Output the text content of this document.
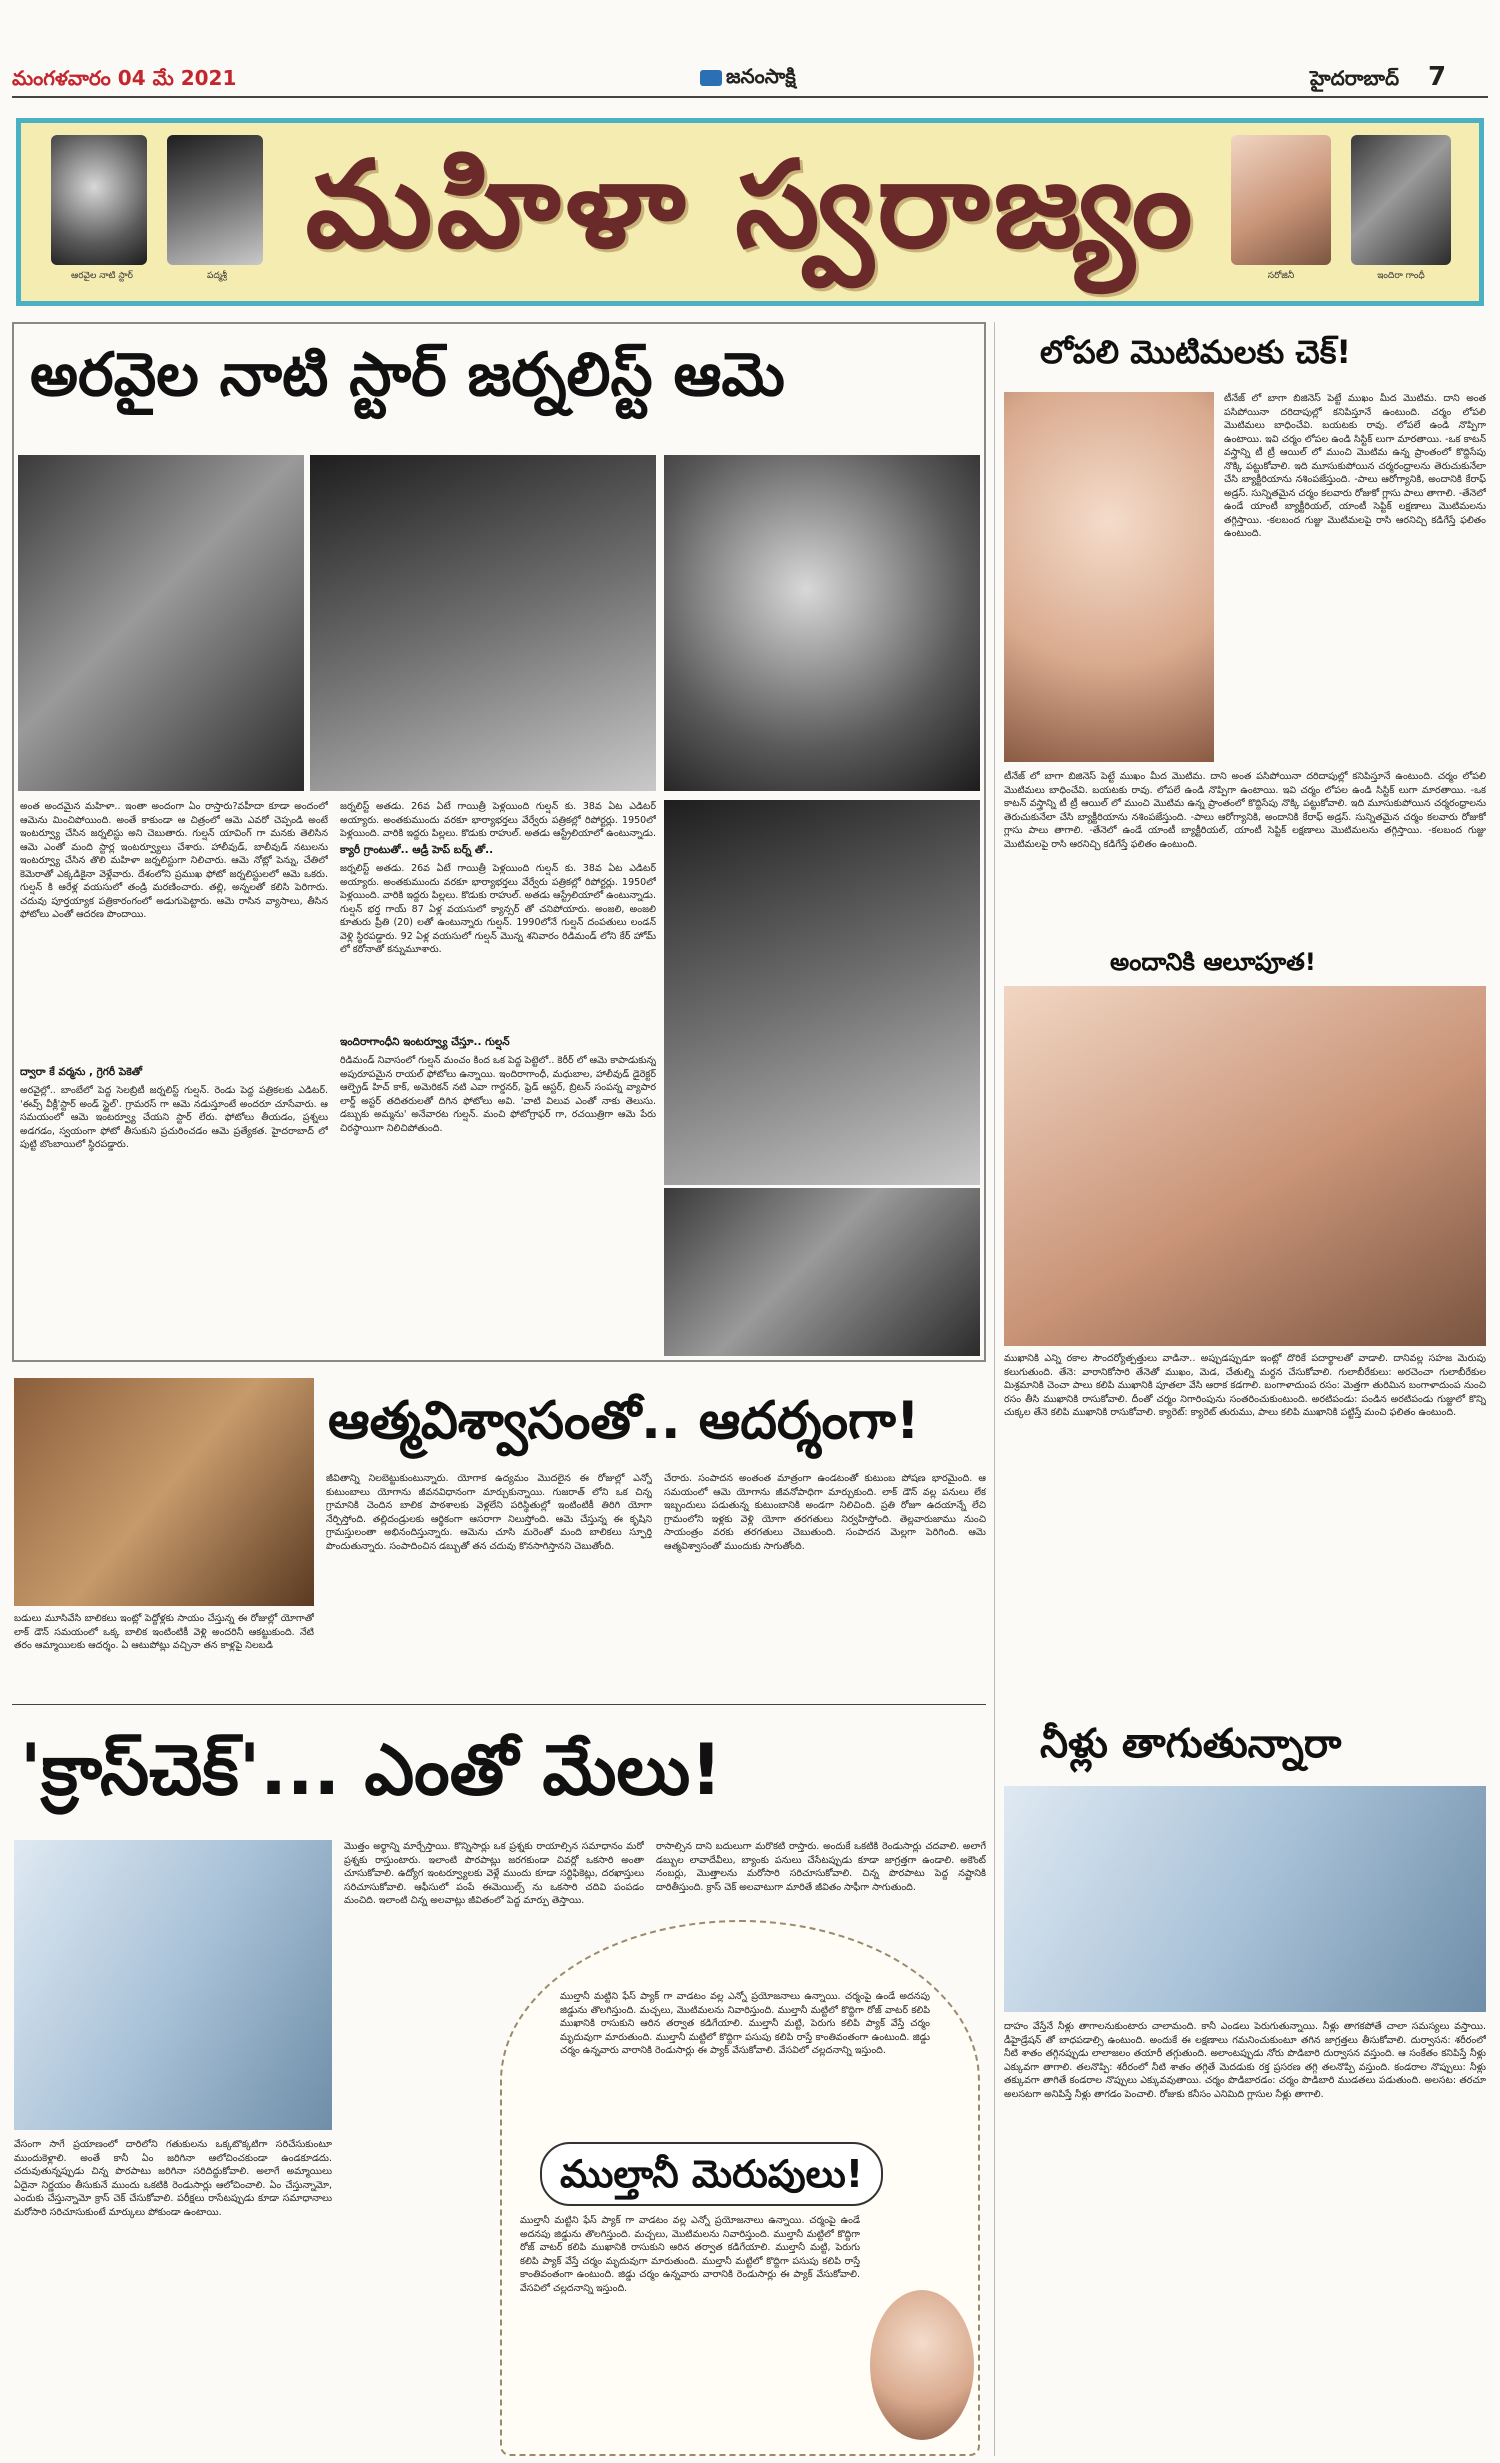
మంగళవారం 04 మే 2021	జనంసాక్షి	హైదరాబాద్ 7
ఆరవైల నాటి స్టార్	పద్మశ్రీ
మహిళా స్వరాజ్యం
సరోజినీ	ఇందిరా గాంధీ
అరవైల నాటి స్టార్ జర్నలిస్ట్ ఆమె
అంత అందమైన మహిళా.. ఇంతా అందంగా ఏం రాస్తారు?వహీదా కూడా అందంలో ఆమెను మించిపోయింది. అంతే కాకుండా ఆ చిత్రంలో ఆమె ఎవరో చెప్పండి అంటే ఇంటర్వ్యూ చేసిన జర్నలిస్టు అని చెబుతారు. గుల్షన్ యావింగ్ గా మనకు తెలిసిన ఆమె ఎంతో మంది స్టార్ల ఇంటర్వ్యూలు చేశారు. హాలీవుడ్, బాలీవుడ్ నటులను ఇంటర్వ్యూ చేసిన తొలి మహిళా జర్నలిస్టుగా నిలిచారు. ఆమె నోట్లో పెన్ను, చేతిలో కెమెరాతో ఎక్కడికైనా వెళ్లేవారు. దేశంలోని ప్రముఖ ఫోటో జర్నలిస్టులలో ఆమె ఒకరు. గుల్షన్ కి ఆరేళ్ల వయసులో తండ్రి మరణించారు. తల్లి, అన్నలతో కలిసి పెరిగారు. చదువు పూర్తయ్యాక పత్రికారంగంలో అడుగుపెట్టారు. ఆమె రాసిన వ్యాసాలు, తీసిన ఫోటోలు ఎంతో ఆదరణ పొందాయి.
ద్వారా కే వర్మను , గ్రెగరీ పెకెతో
అరవైల్లో.. బాంబేలో పెద్ద సెలబ్రిటీ జర్నలిస్ట్ గుల్షన్. రెండు పెద్ద పత్రికలకు ఎడిటర్. 'ఈవ్స్ వీక్లీ'స్టార్ అండ్ స్టైల్'. గ్రామరస్ గా ఆమె నడుస్తూంటే అందరూ చూసేవారు. ఆ సమయంలో ఆమె ఇంటర్వ్యూ చేయని స్టార్ లేరు. ఫోటోలు తీయడం, ప్రశ్నలు అడగడం, స్వయంగా ఫోటో తీసుకుని ప్రచురించడం ఆమె ప్రత్యేకత. హైదరాబాద్ లో పుట్టి బొంబాయిలో స్థిరపడ్డారు.
జర్నలిస్ట్ అతడు. 26వ ఏటే గాయిత్రీ పెళ్లయింది గుల్షన్ కు. 38వ ఏట ఎడిటర్ అయ్యారు. అంతకుముందు వరకూ భార్యాభర్తలు వేర్వేరు పత్రికల్లో రిపోర్టర్లు. 1950లో పెళ్లయింది. వారికి ఇద్దరు పిల్లలు. కొడుకు రాహుల్. అతడు ఆస్ట్రేలియాలో ఉంటున్నాడు.
క్యారీ గ్రాంటుతో.. ఆడ్రీ హెప్ బర్న్ తో..
జర్నలిస్ట్ అతడు. 26వ ఏటే గాయిత్రీ పెళ్లయింది గుల్షన్ కు. 38వ ఏట ఎడిటర్ అయ్యారు. అంతకుముందు వరకూ భార్యాభర్తలు వేర్వేరు పత్రికల్లో రిపోర్టర్లు. 1950లో పెళ్లయింది. వారికి ఇద్దరు పిల్లలు. కొడుకు రాహుల్. అతడు ఆస్ట్రేలియాలో ఉంటున్నాడు. గుల్షన్ భర్త గాయ్ 87 ఏళ్ల వయసులో క్యాన్సర్ తో చనిపోయారు. అంజలి, అంజలి కూతురు ప్రీతి (20) లతో ఉంటున్నారు గుల్షన్. 1990లోనే గుల్షన్ దంపతులు లండన్ వెళ్లి స్థిరపడ్డారు. 92 ఏళ్ల వయసులో గుల్షన్ మొన్న శనివారం రిడిమండ్ లోని కేర్ హోమ్ లో కరోనాతో కన్నుమూశారు.
ఇందిరాగాంధీని ఇంటర్వ్యూ చేస్తూ.. గుల్షన్
రిడిమండ్ నివాసంలో గుల్షన్ మంచం కింద ఒక పెద్ద పెట్టెలో.. కెరీర్ లో ఆమె కాపాడుకున్న అపురూపమైన రాయల్ ఫోటోలు ఉన్నాయి. ఇందిరాగాంధీ, మధుబాల, హాలీవుడ్ డైరెక్టర్ ఆల్ఫ్రెడ్ హిచ్ కాక్, అమెరికన్ నటి ఎవా గార్డనర్, ఫ్రెడ్ ఆస్టర్, బ్రిటన్ సంపన్న వ్యాపార లార్డ్ అస్టర్ తదితరులతో దిగిన ఫోటోలు అవి. 'వాటి విలువ ఎంతో నాకు తెలుసు. డబ్బుకు అమ్మను' అనేవారట గుల్షన్. మంచి ఫోటోగ్రాఫర్ గా, రచయిత్రిగా ఆమె పేరు చిరస్థాయిగా నిలిచిపోతుంది.
లోపలి మొటిమలకు చెక్!
టీనేజ్ లో బాగా బిజినెస్ పెట్టే ముఖం మీద మొటిమ. దాని అంత పసిపోయినా దరిదాపుల్లో కనిపిస్తూనే ఉంటుంది. చర్మం లోపలి మొటిమలు బాధించేవి. బయటకు రావు. లోపలే ఉండి నొప్పిగా ఉంటాయి. ఇవి చర్మం లోపల ఉండి సిస్టిక్ లుగా మారతాయి. -ఒక కాటన్ వస్త్రాన్ని టీ ట్రీ ఆయిల్ లో ముంచి మొటిమ ఉన్న ప్రాంతంలో కొద్దిసేపు నొక్కి పట్టుకోవాలి. ఇది మూసుకుపోయిన చర్మరంధ్రాలను తెరుచుకునేలా చేసి బ్యాక్టీరియాను నశింపజేస్తుంది. -పాలు ఆరోగ్యానికి, అందానికి కేరాఫ్ అడ్రస్. సున్నితమైన చర్మం కలవారు రోజుకో గ్లాసు పాలు తాగాలి. -తేనెలో ఉండే యాంటీ బ్యాక్టీరియల్, యాంటీ సెప్టిక్ లక్షణాలు మొటిమలను తగ్గిస్తాయి. -కలబంద గుజ్జు మొటిమలపై రాసి ఆరనిచ్చి కడిగేస్తే ఫలితం ఉంటుంది.
టీనేజ్ లో బాగా బిజినెస్ పెట్టే ముఖం మీద మొటిమ. దాని అంత పసిపోయినా దరిదాపుల్లో కనిపిస్తూనే ఉంటుంది. చర్మం లోపలి మొటిమలు బాధించేవి. బయటకు రావు. లోపలే ఉండి నొప్పిగా ఉంటాయి. ఇవి చర్మం లోపల ఉండి సిస్టిక్ లుగా మారతాయి. -ఒక కాటన్ వస్త్రాన్ని టీ ట్రీ ఆయిల్ లో ముంచి మొటిమ ఉన్న ప్రాంతంలో కొద్దిసేపు నొక్కి పట్టుకోవాలి. ఇది మూసుకుపోయిన చర్మరంధ్రాలను తెరుచుకునేలా చేసి బ్యాక్టీరియాను నశింపజేస్తుంది. -పాలు ఆరోగ్యానికి, అందానికి కేరాఫ్ అడ్రస్. సున్నితమైన చర్మం కలవారు రోజుకో గ్లాసు పాలు తాగాలి. -తేనెలో ఉండే యాంటీ బ్యాక్టీరియల్, యాంటీ సెప్టిక్ లక్షణాలు మొటిమలను తగ్గిస్తాయి. -కలబంద గుజ్జు మొటిమలపై రాసి ఆరనిచ్చి కడిగేస్తే ఫలితం ఉంటుంది.
అందానికి ఆలూపూత!
ముఖానికి ఎన్ని రకాల సౌందర్యోత్పత్తులు వాడినా.. అప్పుడప్పుడూ ఇంట్లో దొరికే పదార్థాలతో వాడాలి. దానివల్ల సహజ మెరుపు కలుగుతుంది. తేనె: వారానికోసారి తేనెతో ముఖం, మెడ, చేతుల్ని మర్దన చేసుకోవాలి. గులాబీరేకులు: అరచెంచా గులాబీరేకుల మిశ్రమానికి చెంచా పాలు కలిపి ముఖానికి పూతలా వేసి ఆరాక కడగాలి. బంగాళాదుంప రసం: మెత్తగా తురిమిన బంగాళాదుంప నుంచి రసం తీసి ముఖానికి రాసుకోవాలి. దీంతో చర్మం నిగారింపును సంతరించుకుంటుంది. అరటిపండు: పండిన అరటిపండు గుజ్జులో కొన్ని చుక్కల తేనె కలిపి ముఖానికి రాసుకోవాలి. క్యారెట్: క్యారెట్ తురుము, పాలు కలిపి ముఖానికి పట్టిస్తే మంచి ఫలితం ఉంటుంది.
ఆత్మవిశ్వాసంతో.. ఆదర్శంగా!
బడులు మూసివేసి బాలికలు ఇంట్లో పెద్దోళ్లకు సాయం చేస్తున్న ఈ రోజుల్లో యోగాతో లాక్ డౌన్ సమయంలో ఒక్క బాలిక ఇంటింటికీ వెళ్లి అందరినీ ఆకట్టుకుంది. నేటి తరం ఆమ్మాయిలకు ఆదర్శం. ఏ ఆటుపోట్లు వచ్చినా తన కాళ్లపై నిలబడి
జీవితాన్ని నిలబెట్టుకుంటున్నారు. యోగాక ఉద్యమం మొదలైన ఈ రోజుల్లో ఎన్నో కుటుంబాలు యోగాను జీవనవిధానంగా మార్చుకున్నాయి. గుజరాత్ లోని ఒక చిన్న గ్రామానికి చెందిన బాలిక పాఠశాలకు వెళ్లలేని పరిస్థితుల్లో ఇంటింటికీ తిరిగి యోగా నేర్పిస్తోంది. తల్లిదండ్రులకు ఆర్థికంగా ఆసరాగా నిలుస్తోంది. ఆమె చేస్తున్న ఈ కృషిని గ్రామస్తులంతా అభినందిస్తున్నారు. ఆమెను చూసి మరెంతో మంది బాలికలు స్ఫూర్తి పొందుతున్నారు. సంపాదించిన డబ్బుతో తన చదువు కొనసాగిస్తానని చెబుతోంది.
చేరారు. సంపాదన అంతంత మాత్రంగా ఉండటంతో కుటుంబ పోషణ భారమైంది. ఆ సమయంలో ఆమె యోగాను జీవనోపాధిగా మార్చుకుంది. లాక్ డౌన్ వల్ల పనులు లేక ఇబ్బందులు పడుతున్న కుటుంబానికి అండగా నిలిచింది. ప్రతి రోజూ ఉదయాన్నే లేచి గ్రామంలోని ఇళ్లకు వెళ్లి యోగా తరగతులు నిర్వహిస్తోంది. తెల్లవారుజాము నుంచి సాయంత్రం వరకు తరగతులు చెబుతుంది. సంపాదన మెల్లగా పెరిగింది. ఆమె ఆత్మవిశ్వాసంతో ముందుకు సాగుతోంది.
'క్రాస్‌చెక్'... ఎంతో మేలు!
వేసంగా సాగే ప్రయాణంలో దారిలోని గతుకులను ఒక్కటొక్కటిగా సరిచేసుకుంటూ ముందుకెళ్లాలి. అంతే కానీ ఏం జరిగినా ఆలోచించకుండా ఉండకూడదు. చదువుతున్నప్పుడు చిన్న పొరపాటు జరిగినా సరిదిద్దుకోవాలి. అలాగే అమ్మాయిలు ఏదైనా నిర్ణయం తీసుకునే ముందు ఒకటికి రెండుసార్లు ఆలోచించాలి. ఏం చేస్తున్నామో, ఎందుకు చేస్తున్నామో క్రాస్ చెక్ చేసుకోవాలి. పరీక్షలు రాసేటప్పుడు కూడా సమాధానాలు మరోసారి సరిచూసుకుంటే మార్కులు పోకుండా ఉంటాయి.
మొత్తం అర్థాన్ని మార్చేస్తాయి. కొన్నిసార్లు ఒక ప్రశ్నకు రాయాల్సిన సమాధానం మరో ప్రశ్నకు రాస్తుంటారు. ఇలాంటి పొరపాట్లు జరగకుండా చివర్లో ఒకసారి అంతా చూసుకోవాలి. ఉద్యోగ ఇంటర్వ్యూలకు వెళ్లే ముందు కూడా సర్టిఫికెట్లు, దరఖాస్తులు సరిచూసుకోవాలి. ఆఫీసులో పంపే ఈమెయిల్స్ ను ఒకసారి చదివి పంపడం మంచిది. ఇలాంటి చిన్న అలవాట్లు జీవితంలో పెద్ద మార్పు తెస్తాయి.
రాసాల్సిన దాని బదులుగా మరొకటి రాస్తారు. అందుకే ఒకటికి రెండుసార్లు చదవాలి. అలాగే డబ్బుల లావాదేవీలు, బ్యాంకు పనులు చేసేటప్పుడు కూడా జాగ్రత్తగా ఉండాలి. అకౌంట్ నంబర్లు, మొత్తాలను మరోసారి సరిచూసుకోవాలి. చిన్న పొరపాటు పెద్ద నష్టానికి దారితీస్తుంది. క్రాస్ చెక్ అలవాటుగా మారితే జీవితం సాఫీగా సాగుతుంది.
ముల్తానీ మట్టిని ఫేస్ ప్యాక్ గా వాడటం వల్ల ఎన్నో ప్రయోజనాలు ఉన్నాయి. చర్మంపై ఉండే అదనపు జిడ్డును తొలగిస్తుంది. మచ్చలు, మొటిమలను నివారిస్తుంది. ముల్తానీ మట్టిలో కొద్దిగా రోజ్ వాటర్ కలిపి ముఖానికి రాసుకుని ఆరిన తర్వాత కడిగేయాలి. ముల్తానీ మట్టి, పెరుగు కలిపి ప్యాక్ వేస్తే చర్మం మృదువుగా మారుతుంది. ముల్తానీ మట్టిలో కొద్దిగా పసుపు కలిపి రాస్తే కాంతివంతంగా ఉంటుంది. జిడ్డు చర్మం ఉన్నవారు వారానికి రెండుసార్లు ఈ ప్యాక్ వేసుకోవాలి. వేసవిలో చల్లదనాన్ని ఇస్తుంది.
ముల్తానీ మెరుపులు!
ముల్తానీ మట్టిని ఫేస్ ప్యాక్ గా వాడటం వల్ల ఎన్నో ప్రయోజనాలు ఉన్నాయి. చర్మంపై ఉండే అదనపు జిడ్డును తొలగిస్తుంది. మచ్చలు, మొటిమలను నివారిస్తుంది. ముల్తానీ మట్టిలో కొద్దిగా రోజ్ వాటర్ కలిపి ముఖానికి రాసుకుని ఆరిన తర్వాత కడిగేయాలి. ముల్తానీ మట్టి, పెరుగు కలిపి ప్యాక్ వేస్తే చర్మం మృదువుగా మారుతుంది. ముల్తానీ మట్టిలో కొద్దిగా పసుపు కలిపి రాస్తే కాంతివంతంగా ఉంటుంది. జిడ్డు చర్మం ఉన్నవారు వారానికి రెండుసార్లు ఈ ప్యాక్ వేసుకోవాలి. వేసవిలో చల్లదనాన్ని ఇస్తుంది.
నీళ్లు తాగుతున్నారా
దాహం వేస్తేనే నీళ్లు తాగాలనుకుంటారు చాలామంది. కానీ ఎండలు పెరుగుతున్నాయి. నీళ్లు తాగకపోతే చాలా సమస్యలు వస్తాయి. డీహైడ్రేషన్ తో బాధపడాల్సి ఉంటుంది. అందుకే ఈ లక్షణాలు గమనించుకుంటూ తగిన జాగ్రత్తలు తీసుకోవాలి. దుర్వాసన: శరీరంలో నీటి శాతం తగ్గినప్పుడు లాలాజలం తయారీ తగ్గుతుంది. అలాంటప్పుడు నోరు పొడిబారి దుర్వాసన వస్తుంది. ఆ సంకేతం కనిపిస్తే నీళ్లు ఎక్కువగా తాగాలి. తలనొప్పి: శరీరంలో నీటి శాతం తగ్గితే మెదడుకు రక్త ప్రసరణ తగ్గి తలనొప్పి వస్తుంది. కండరాల నొప్పులు: నీళ్లు తక్కువగా తాగితే కండరాల నొప్పులు ఎక్కువవుతాయి. చర్మం పొడిబారడం: చర్మం పొడిబారి ముడతలు పడుతుంది. అలసట: తరచూ అలసటగా అనిపిస్తే నీళ్లు తాగడం పెంచాలి. రోజుకు కనీసం ఎనిమిది గ్లాసుల నీళ్లు తాగాలి.
